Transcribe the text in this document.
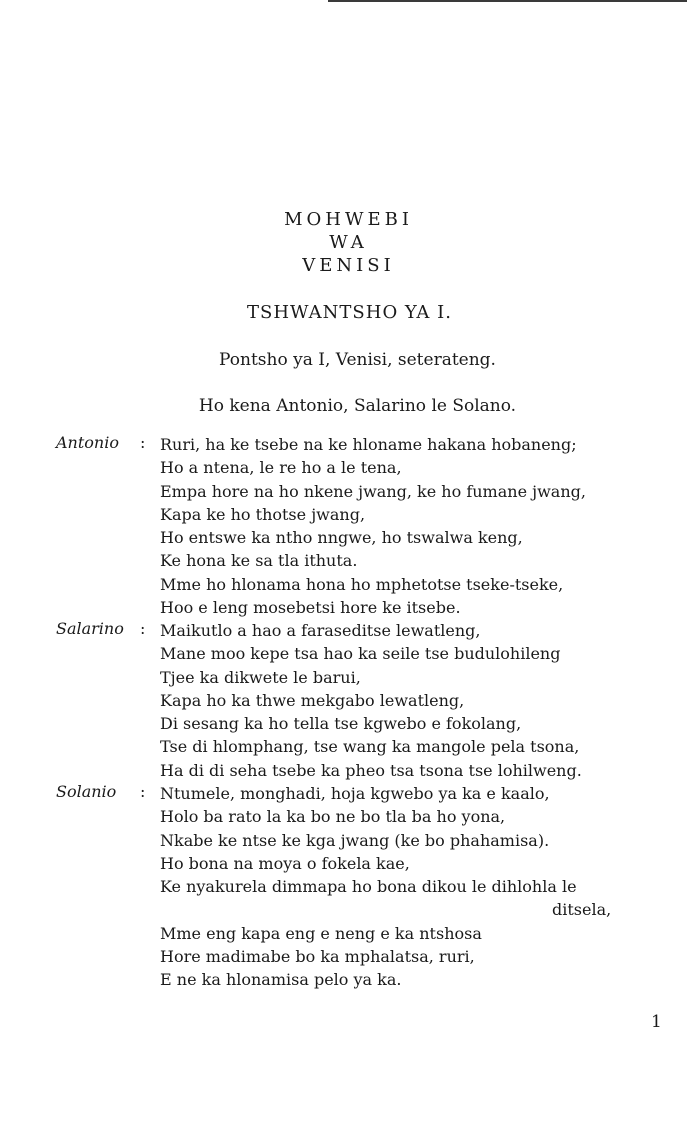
MOHWEBI
WA
VENISI
TSHWANTSHO YA I.
Pontsho ya I, Venisi, seterateng.
Ho kena Antonio, Salarino le Solano.
Antonio : Ruri, ha ke tsebe na ke hloname hakana hobaneng;
Ho a ntena, le re ho a le tena,
Empa hore na ho nkene jwang, ke ho fumane jwang,
Kapa ke ho thotse jwang,
Ho entswe ka ntho nngwe, ho tswalwa keng,
Ke hona ke sa tla ithuta.
Mme ho hlonama hona ho mphetotse tseke-tseke,
Hoo e leng mosebetsi hore ke itsebe.
Salarino : Maikutlo a hao a faraseditse lewatleng,
Mane moo kepe tsa hao ka seile tse budulohileng
Tjee ka dikwete le barui,
Kapa ho ka thwe mekgabo lewatleng,
Di sesang ka ho tella tse kgwebo e fokolang,
Tse di hlomphang, tse wang ka mangole pela tsona,
Ha di di seha tsebe ka pheo tsa tsona tse lohilweng.
Solanio : Ntumele, monghadi, hoja kgwebo ya ka e kaalo,
Holo ba rato la ka bo ne bo tla ba ho yona,
Nkabe ke ntse ke kga jwang (ke bo phahamisa).
Ho bona na moya o fokela kae,
Ke nyakurela dimmapa ho bona dikou le dihlohla le
ditsela,
Mme eng kapa eng e neng e ka ntshosa
Hore madimabe bo ka mphalatsa, ruri,
E ne ka hlonamisa pelo ya ka.
1
